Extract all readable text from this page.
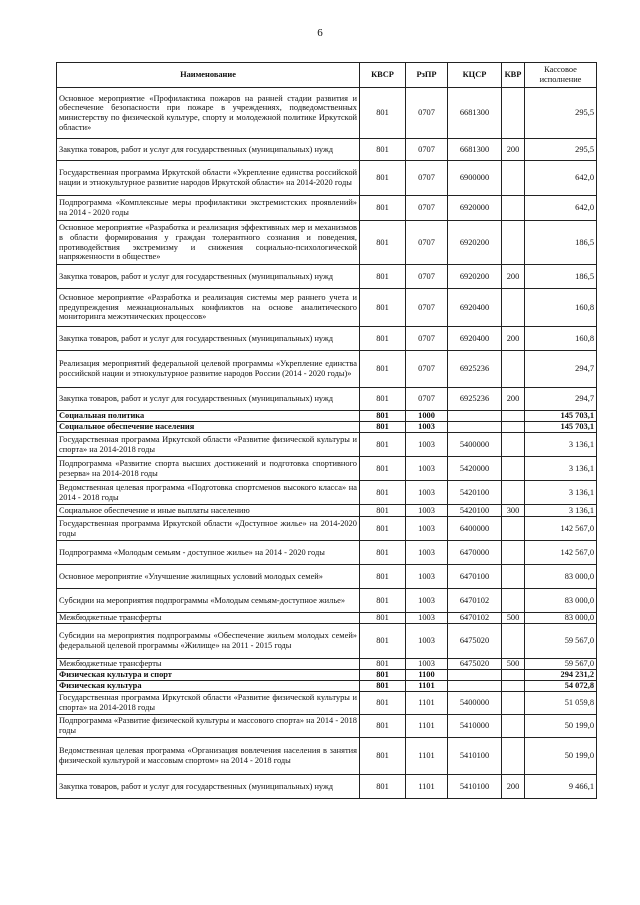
6
Наименование	КВСР	РзПР	КЦСР	КВР	Кассовое исполнение
Основное мероприятие «Профилактика пожаров на ранней стадии развития и обеспечение безопасности при пожаре в учреждениях, подведомственных министерству по физической культуре, спорту и молодежной политике Иркутской области»	801	0707	6681300		295,5
Закупка товаров, работ и услуг для государственных (муниципальных) нужд	801	0707	6681300	200	295,5
Государственная программа Иркутской области «Укрепление единства российской нации и этнокультурное развитие народов Иркутской области» на 2014-2020 годы	801	0707	6900000		642,0
Подпрограмма «Комплексные меры профилактики экстремистских проявлений» на 2014 - 2020 годы	801	0707	6920000		642,0
Основное мероприятие «Разработка и реализация эффективных мер и механизмов в области формирования у граждан толерантного сознания и поведения, противодействия экстремизму и снижения социально-психологической напряженности в обществе»	801	0707	6920200		186,5
Закупка товаров, работ и услуг для государственных (муниципальных) нужд	801	0707	6920200	200	186,5
Основное мероприятие «Разработка и реализация системы мер раннего учета и предупреждения межнациональных конфликтов на основе аналитического мониторинга межэтнических процессов»	801	0707	6920400		160,8
Закупка товаров, работ и услуг для государственных (муниципальных) нужд	801	0707	6920400	200	160,8
Реализация мероприятий федеральной целевой программы «Укрепление единства российской нации и этнокультурное развитие народов России (2014 - 2020 годы)»	801	0707	6925236		294,7
Закупка товаров, работ и услуг для государственных (муниципальных) нужд	801	0707	6925236	200	294,7
Социальная политика	801	1000			145 703,1
Социальное обеспечение населения	801	1003			145 703,1
Государственная программа Иркутской области «Развитие физической культуры и спорта» на 2014-2018 годы	801	1003	5400000		3 136,1
Подпрограмма «Развитие спорта высших достижений и подготовка спортивного резерва» на 2014-2018 годы	801	1003	5420000		3 136,1
Ведомственная целевая программа «Подготовка спортсменов высокого класса» на 2014 - 2018 годы	801	1003	5420100		3 136,1
Социальное обеспечение и иные выплаты населению	801	1003	5420100	300	3 136,1
Государственная программа Иркутской области «Доступное жилье» на 2014-2020 годы	801	1003	6400000		142 567,0
Подпрограмма «Молодым семьям - доступное жилье» на 2014 - 2020 годы	801	1003	6470000		142 567,0
Основное мероприятие «Улучшение жилищных условий молодых семей»	801	1003	6470100		83 000,0
Субсидии на мероприятия подпрограммы «Молодым семьям-доступное жилье»	801	1003	6470102		83 000,0
Межбюджетные трансферты	801	1003	6470102	500	83 000,0
Субсидии на мероприятия подпрограммы «Обеспечение жильем молодых семей» федеральной целевой программы «Жилище» на 2011 - 2015 годы	801	1003	6475020		59 567,0
Межбюджетные трансферты	801	1003	6475020	500	59 567,0
Физическая культура и спорт	801	1100			294 231,2
Физическая культура	801	1101			54 072,8
Государственная программа Иркутской области «Развитие физической культуры и спорта» на 2014-2018 годы	801	1101	5400000		51 059,8
Подпрограмма «Развитие физической культуры и массового спорта» на 2014 - 2018 годы	801	1101	5410000		50 199,0
Ведомственная целевая программа «Организация вовлечения населения в занятия физической культурой и массовым спортом» на 2014 - 2018 годы	801	1101	5410100		50 199,0
Закупка товаров, работ и услуг для государственных (муниципальных) нужд	801	1101	5410100	200	9 466,1
